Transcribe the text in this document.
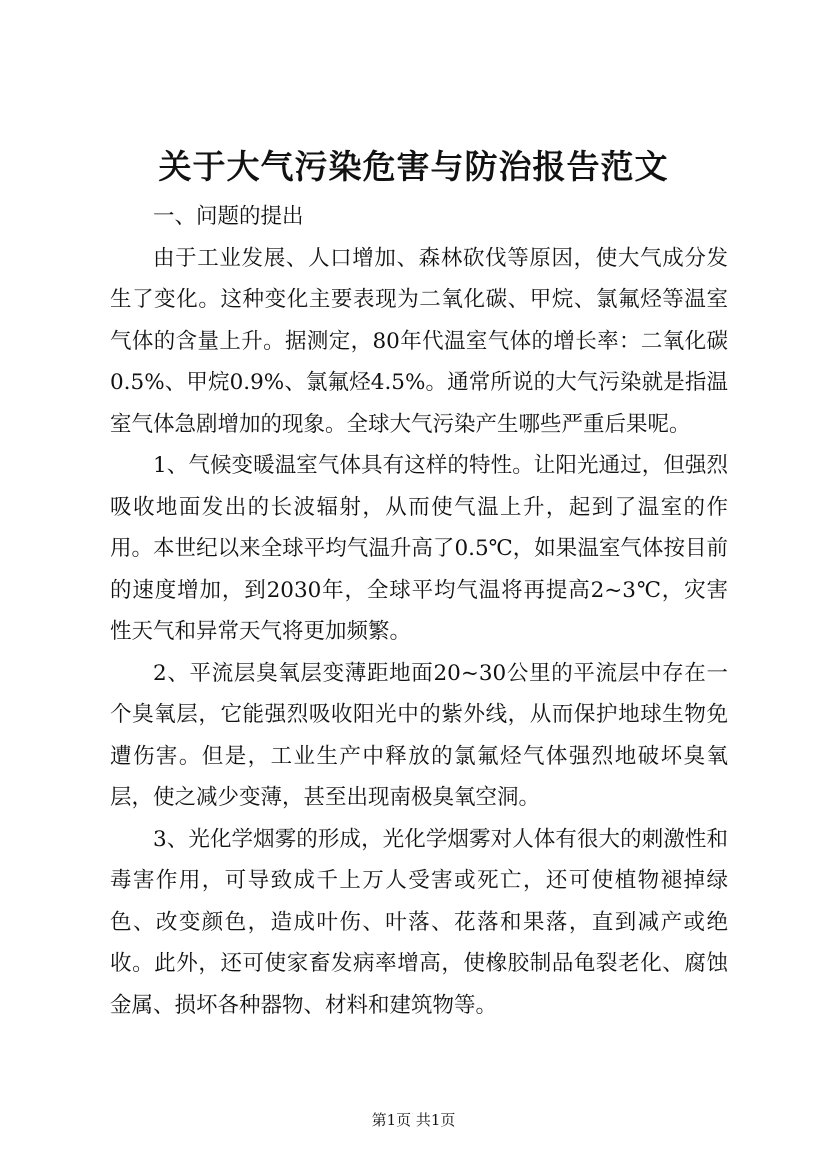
关于大气污染危害与防治报告范文

一、问题的提出

由于工业发展、人口增加、森林砍伐等原因，使大气成分发生了变化。这种变化主要表现为二氧化碳、甲烷、氯氟烃等温室气体的含量上升。据测定，80年代温室气体的增长率：二氧化碳0.5%、甲烷0.9%、氯氟烃4.5%。通常所说的大气污染就是指温室气体急剧增加的现象。全球大气污染产生哪些严重后果呢。

1、气候变暖温室气体具有这样的特性。让阳光通过，但强烈吸收地面发出的长波辐射，从而使气温上升，起到了温室的作用。本世纪以来全球平均气温升高了0.5℃，如果温室气体按目前的速度增加，到2030年，全球平均气温将再提高2~3℃，灾害性天气和异常天气将更加频繁。

2、平流层臭氧层变薄距地面20~30公里的平流层中存在一个臭氧层，它能强烈吸收阳光中的紫外线，从而保护地球生物免遭伤害。但是，工业生产中释放的氯氟烃气体强烈地破坏臭氧层，使之减少变薄，甚至出现南极臭氧空洞。

3、光化学烟雾的形成，光化学烟雾对人体有很大的刺激性和毒害作用，可导致成千上万人受害或死亡，还可使植物褪掉绿色、改变颜色，造成叶伤、叶落、花落和果落，直到减产或绝收。此外，还可使家畜发病率增高，使橡胶制品龟裂老化、腐蚀金属、损坏各种器物、材料和建筑物等。

第1页 共1页
